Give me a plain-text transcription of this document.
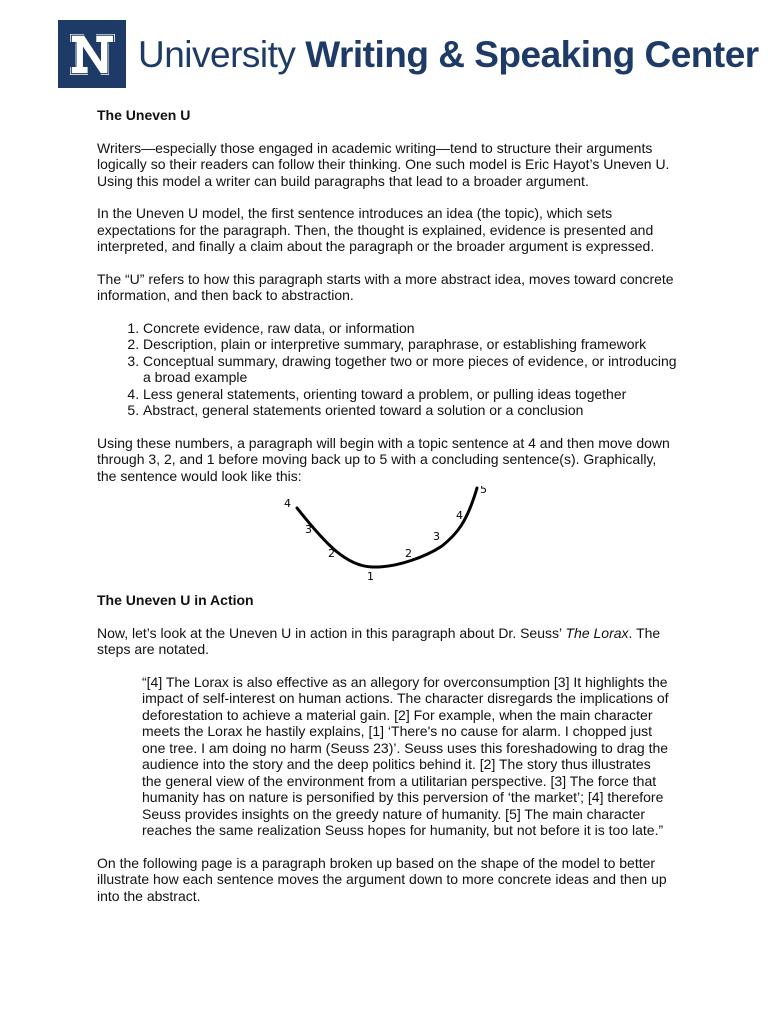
University Writing & Speaking Center
The Uneven U

Writers—especially those engaged in academic writing—tend to structure their arguments logically so their readers can follow their thinking. One such model is Eric Hayot’s Uneven U. Using this model a writer can build paragraphs that lead to a broader argument.

In the Uneven U model, the first sentence introduces an idea (the topic), which sets expectations for the paragraph. Then, the thought is explained, evidence is presented and interpreted, and finally a claim about the paragraph or the broader argument is expressed.

The “U” refers to how this paragraph starts with a more abstract idea, moves toward concrete information, and then back to abstraction.

1. Concrete evidence, raw data, or information
2. Description, plain or interpretive summary, paraphrase, or establishing framework
3. Conceptual summary, drawing together two or more pieces of evidence, or introducing a broad example
4. Less general statements, orienting toward a problem, or pulling ideas together
5. Abstract, general statements oriented toward a solution or a conclusion

Using these numbers, a paragraph will begin with a topic sentence at 4 and then move down through 3, 2, and 1 before moving back up to 5 with a concluding sentence(s). Graphically, the sentence would look like this:

4
3
2
1
2
3
4
5
The Uneven U in Action

Now, let’s look at the Uneven U in action in this paragraph about Dr. Seuss’ The Lorax. The steps are notated.

“[4] The Lorax is also effective as an allegory for overconsumption [3] It highlights the impact of self-interest on human actions. The character disregards the implications of deforestation to achieve a material gain. [2] For example, when the main character meets the Lorax he hastily explains, [1] ‘There's no cause for alarm. I chopped just one tree. I am doing no harm (Seuss 23)’. Seuss uses this foreshadowing to drag the audience into the story and the deep politics behind it. [2] The story thus illustrates the general view of the environment from a utilitarian perspective. [3] The force that humanity has on nature is personified by this perversion of ‘the market’; [4] therefore Seuss provides insights on the greedy nature of humanity. [5] The main character reaches the same realization Seuss hopes for humanity, but not before it is too late.”

On the following page is a paragraph broken up based on the shape of the model to better illustrate how each sentence moves the argument down to more concrete ideas and then up into the abstract.
